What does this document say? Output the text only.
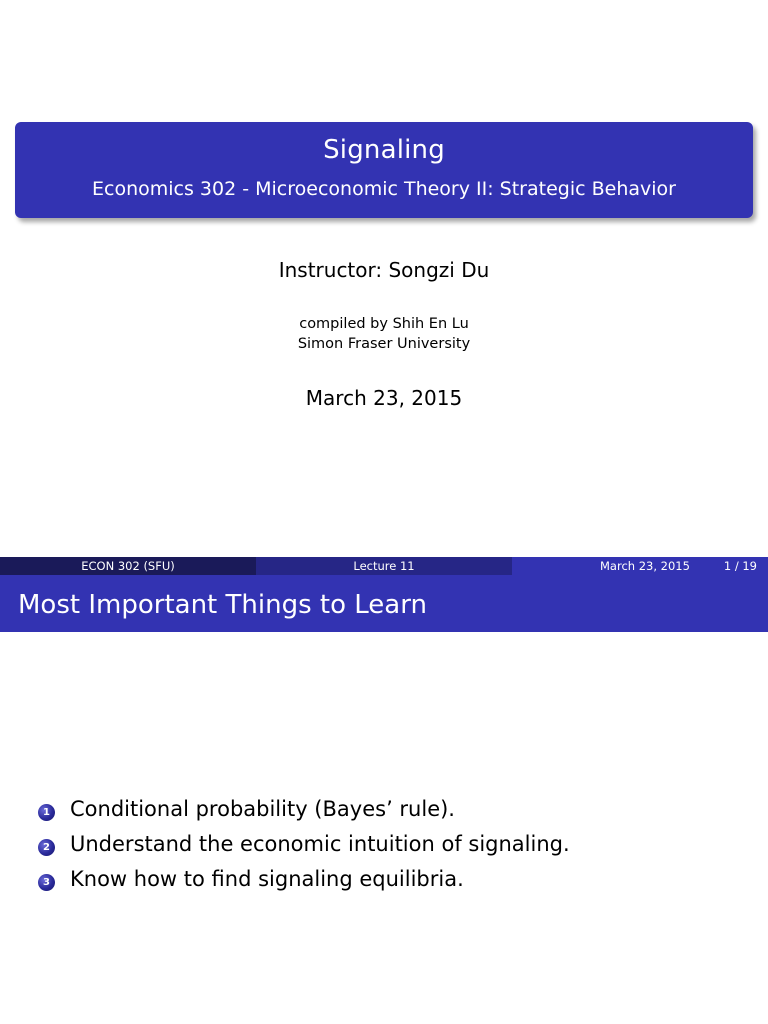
Signaling
Economics 302 - Microeconomic Theory II: Strategic Behavior
Instructor: Songzi Du
compiled by Shih En Lu
Simon Fraser University
March 23, 2015
ECON 302 (SFU)	Lecture 11	March 23, 2015	1 / 19
Most Important Things to Learn
1 Conditional probability (Bayes’ rule).
2 Understand the economic intuition of signaling.
3 Know how to find signaling equilibria.
